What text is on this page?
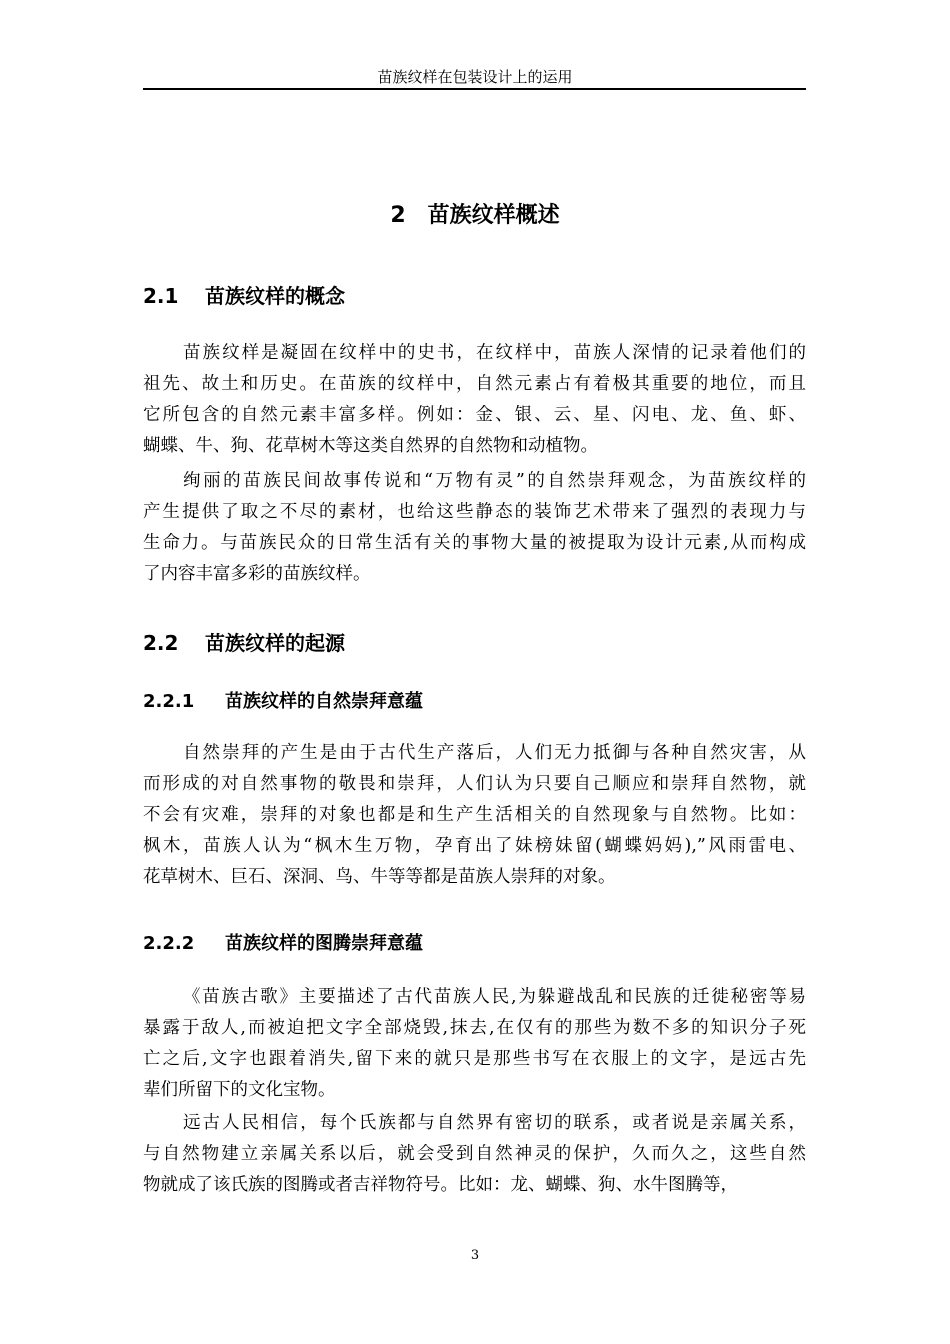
苗族纹样在包装设计上的运用
2 苗族纹样概述
2.1 苗族纹样的概念
苗族纹样是凝固在纹样中的史书，在纹样中，苗族人深情的记录着他们的
祖先、故土和历史。在苗族的纹样中，自然元素占有着极其重要的地位，而且
它所包含的自然元素丰富多样。例如：金、银、云、星、闪电、龙、鱼、虾、
蝴蝶、牛、狗、花草树木等这类自然界的自然物和动植物。
绚丽的苗族民间故事传说和“万物有灵”的自然崇拜观念，为苗族纹样的
产生提供了取之不尽的素材，也给这些静态的装饰艺术带来了强烈的表现力与
生命力。与苗族民众的日常生活有关的事物大量的被提取为设计元素,从而构成
了内容丰富多彩的苗族纹样。
2.2 苗族纹样的起源
2.2.1 苗族纹样的自然崇拜意蕴
自然崇拜的产生是由于古代生产落后，人们无力抵御与各种自然灾害，从
而形成的对自然事物的敬畏和崇拜，人们认为只要自己顺应和崇拜自然物，就
不会有灾难，崇拜的对象也都是和生产生活相关的自然现象与自然物。比如：
枫木，苗族人认为“枫木生万物，孕育出了妹榜妹留(蝴蝶妈妈),”风雨雷电、
花草树木、巨石、深洞、鸟、牛等等都是苗族人崇拜的对象。
2.2.2 苗族纹样的图腾崇拜意蕴
《苗族古歌》主要描述了古代苗族人民,为躲避战乱和民族的迁徙秘密等易
暴露于敌人,而被迫把文字全部烧毁,抹去,在仅有的那些为数不多的知识分子死
亡之后,文字也跟着消失,留下来的就只是那些书写在衣服上的文字，是远古先
辈们所留下的文化宝物。
远古人民相信，每个氏族都与自然界有密切的联系，或者说是亲属关系，
与自然物建立亲属关系以后，就会受到自然神灵的保护，久而久之，这些自然
物就成了该氏族的图腾或者吉祥物符号。比如：龙、蝴蝶、狗、水牛图腾等，
3
